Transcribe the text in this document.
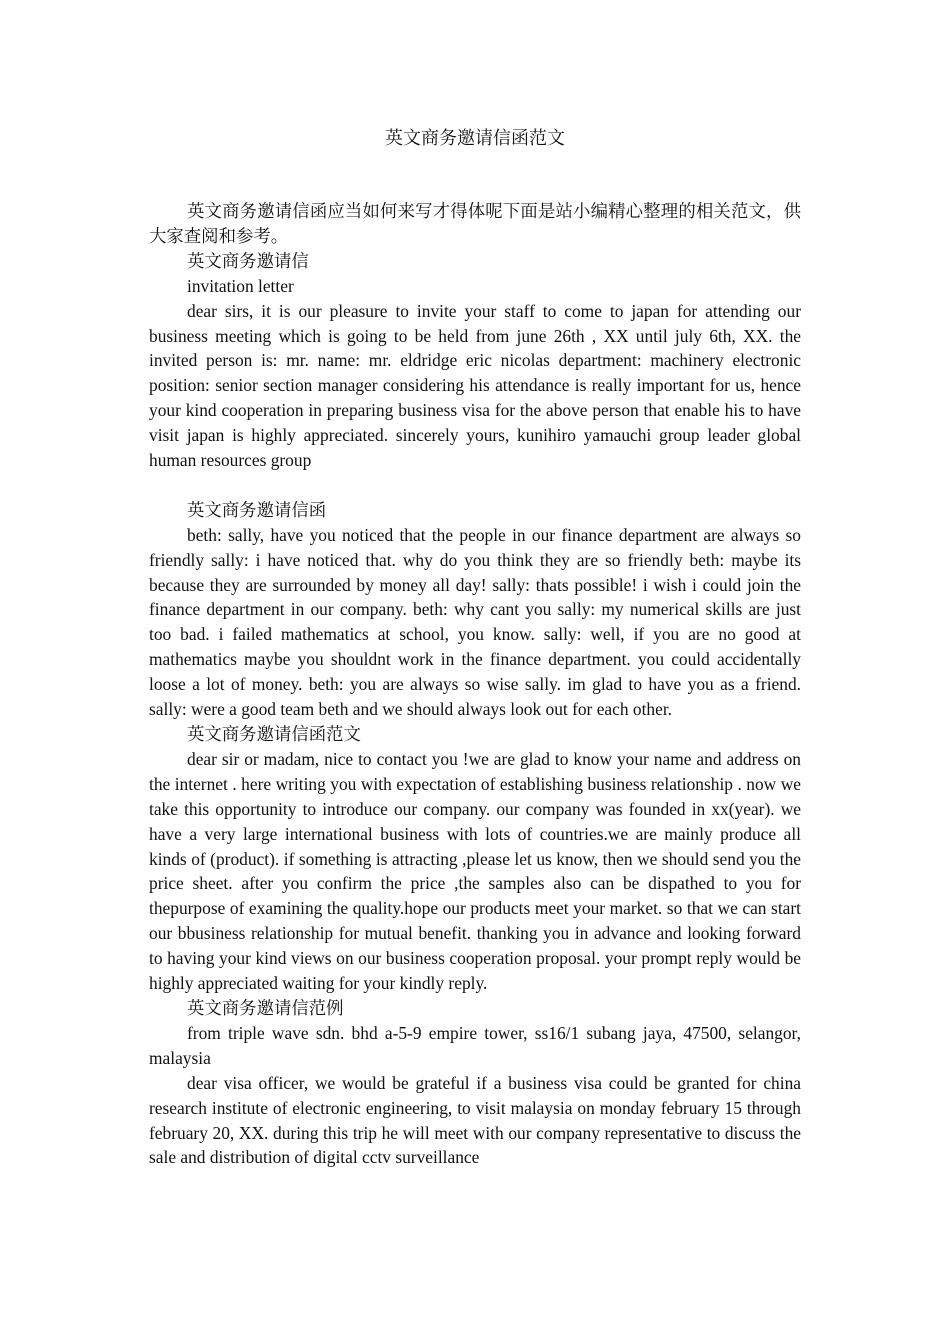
英文商务邀请信函范文

英文商务邀请信函应当如何来写才得体呢下面是站小编精心整理的相关范文，供大家查阅和参考。

英文商务邀请信

invitation letter

dear sirs, it is our pleasure to invite your staff to come to japan for attending our business meeting which is going to be held from june 26th , XX until july 6th, XX. the invited person is: mr. name: mr. eldridge eric nicolas department: machinery electronic position: senior section manager considering his attendance is really important for us, hence your kind cooperation in preparing business visa for the above person that enable his to have visit japan is highly appreciated. sincerely yours, kunihiro yamauchi group leader global human resources group

英文商务邀请信函

beth: sally, have you noticed that the people in our finance department are always so friendly sally: i have noticed that. why do you think they are so friendly beth: maybe its because they are surrounded by money all day! sally: thats possible! i wish i could join the finance department in our company. beth: why cant you sally: my numerical skills are just too bad. i failed mathematics at school, you know. sally: well, if you are no good at mathematics maybe you shouldnt work in the finance department. you could accidentally loose a lot of money. beth: you are always so wise sally. im glad to have you as a friend. sally: were a good team beth and we should always look out for each other.

英文商务邀请信函范文

dear sir or madam, nice to contact you !we are glad to know your name and address on the internet . here writing you with expectation of establishing business relationship . now we take this opportunity to introduce our company. our company was founded in xx(year). we have a very large international business with lots of countries.we are mainly produce all kinds of (product). if something is attracting ,please let us know, then we should send you the price sheet. after you confirm the price ,the samples also can be dispathed to you for thepurpose of examining the quality.hope our products meet your market. so that we can start our bbusiness relationship for mutual benefit. thanking you in advance and looking forward to having your kind views on our business cooperation proposal. your prompt reply would be highly appreciated waiting for your kindly reply.

英文商务邀请信范例

from triple wave sdn. bhd a-5-9 empire tower, ss16/1 subang jaya, 47500, selangor, malaysia

dear visa officer, we would be grateful if a business visa could be granted for china research institute of electronic engineering, to visit malaysia on monday february 15 through february 20, XX. during this trip he will meet with our company representative to discuss the sale and distribution of digital cctv surveillance
